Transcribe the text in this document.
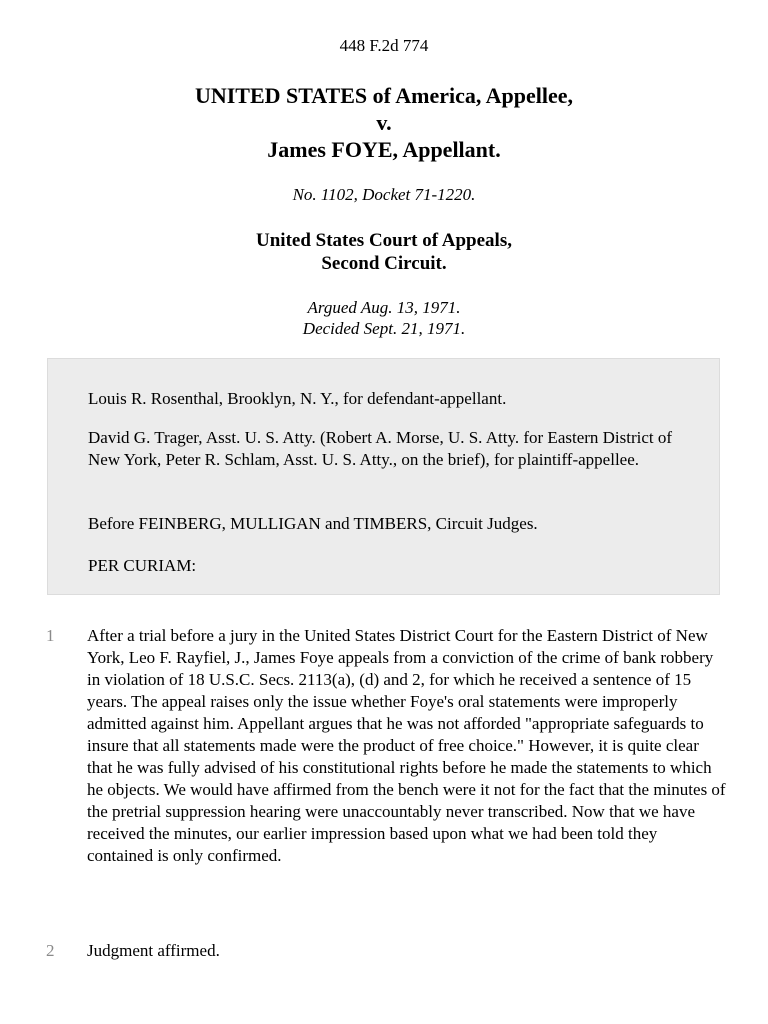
448 F.2d 774
UNITED STATES of America, Appellee,
v.
James FOYE, Appellant.
No. 1102, Docket 71-1220.
United States Court of Appeals,
Second Circuit.
Argued Aug. 13, 1971.
Decided Sept. 21, 1971.
Louis R. Rosenthal, Brooklyn, N. Y., for defendant-appellant.
David G. Trager, Asst. U. S. Atty. (Robert A. Morse, U. S. Atty. for Eastern District of New York, Peter R. Schlam, Asst. U. S. Atty., on the brief), for plaintiff-appellee.
Before FEINBERG, MULLIGAN and TIMBERS, Circuit Judges.
PER CURIAM:
1	After a trial before a jury in the United States District Court for the Eastern District of New York, Leo F. Rayfiel, J., James Foye appeals from a conviction of the crime of bank robbery in violation of 18 U.S.C. Secs. 2113(a), (d) and 2, for which he received a sentence of 15 years. The appeal raises only the issue whether Foye's oral statements were improperly admitted against him. Appellant argues that he was not afforded "appropriate safeguards to insure that all statements made were the product of free choice." However, it is quite clear that he was fully advised of his constitutional rights before he made the statements to which he objects. We would have affirmed from the bench were it not for the fact that the minutes of the pretrial suppression hearing were unaccountably never transcribed. Now that we have received the minutes, our earlier impression based upon what we had been told they contained is only confirmed.
2	Judgment affirmed.
